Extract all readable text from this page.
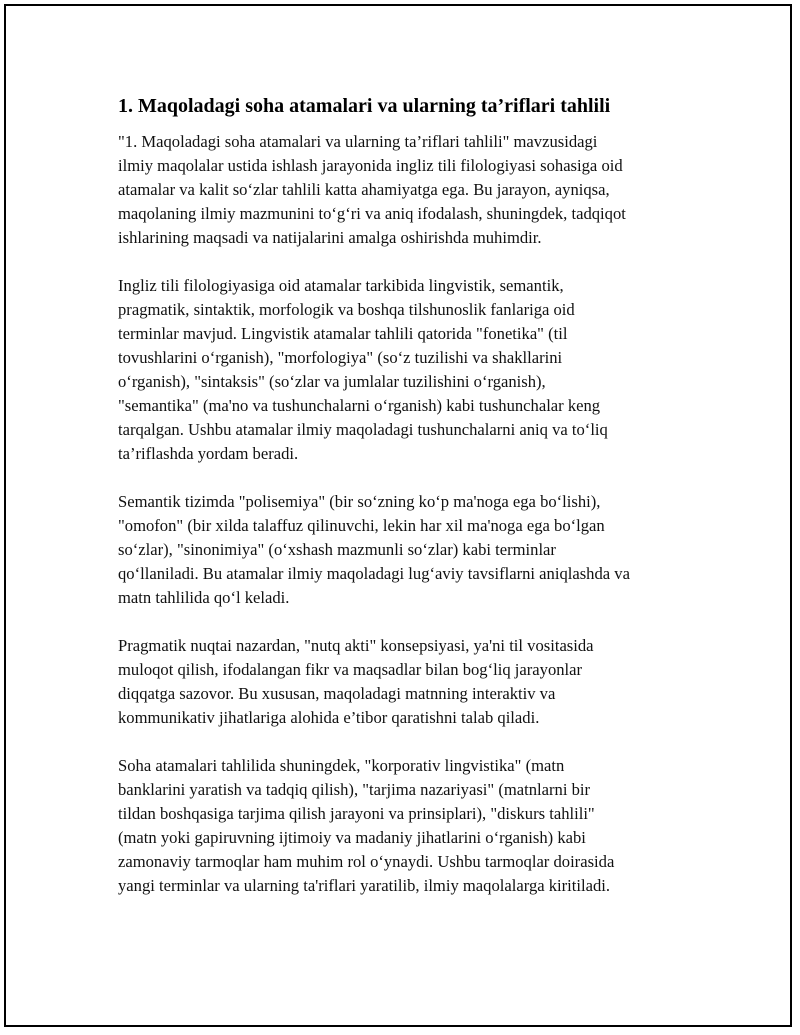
1. Maqoladagi soha atamalari va ularning ta’riflari tahlili
"1. Maqoladagi soha atamalari va ularning ta’riflari tahlili" mavzusidagi
ilmiy maqolalar ustida ishlash jarayonida ingliz tili filologiyasi sohasiga oid
atamalar va kalit so‘zlar tahlili katta ahamiyatga ega. Bu jarayon, ayniqsa,
maqolaning ilmiy mazmunini to‘g‘ri va aniq ifodalash, shuningdek, tadqiqot
ishlarining maqsadi va natijalarini amalga oshirishda muhimdir.
Ingliz tili filologiyasiga oid atamalar tarkibida lingvistik, semantik,
pragmatik, sintaktik, morfologik va boshqa tilshunoslik fanlariga oid
terminlar mavjud. Lingvistik atamalar tahlili qatorida "fonetika" (til
tovushlarini o‘rganish), "morfologiya" (so‘z tuzilishi va shakllarini
o‘rganish), "sintaksis" (so‘zlar va jumlalar tuzilishini o‘rganish),
"semantika" (ma'no va tushunchalarni o‘rganish) kabi tushunchalar keng
tarqalgan. Ushbu atamalar ilmiy maqoladagi tushunchalarni aniq va to‘liq
ta’riflashda yordam beradi.
Semantik tizimda "polisemiya" (bir so‘zning ko‘p ma'noga ega bo‘lishi),
"omofon" (bir xilda talaffuz qilinuvchi, lekin har xil ma'noga ega bo‘lgan
so‘zlar), "sinonimiya" (o‘xshash mazmunli so‘zlar) kabi terminlar
qo‘llaniladi. Bu atamalar ilmiy maqoladagi lug‘aviy tavsiflarni aniqlashda va
matn tahlilida qo‘l keladi.
Pragmatik nuqtai nazardan, "nutq akti" konsepsiyasi, ya'ni til vositasida
muloqot qilish, ifodalangan fikr va maqsadlar bilan bog‘liq jarayonlar
diqqatga sazovor. Bu xususan, maqoladagi matnning interaktiv va
kommunikativ jihatlariga alohida e’tibor qaratishni talab qiladi.
Soha atamalari tahlilida shuningdek, "korporativ lingvistika" (matn
banklarini yaratish va tadqiq qilish), "tarjima nazariyasi" (matnlarni bir
tildan boshqasiga tarjima qilish jarayoni va prinsiplari), "diskurs tahlili"
(matn yoki gapiruvning ijtimoiy va madaniy jihatlarini o‘rganish) kabi
zamonaviy tarmoqlar ham muhim rol o‘ynaydi. Ushbu tarmoqlar doirasida
yangi terminlar va ularning ta'riflari yaratilib, ilmiy maqolalarga kiritiladi.
